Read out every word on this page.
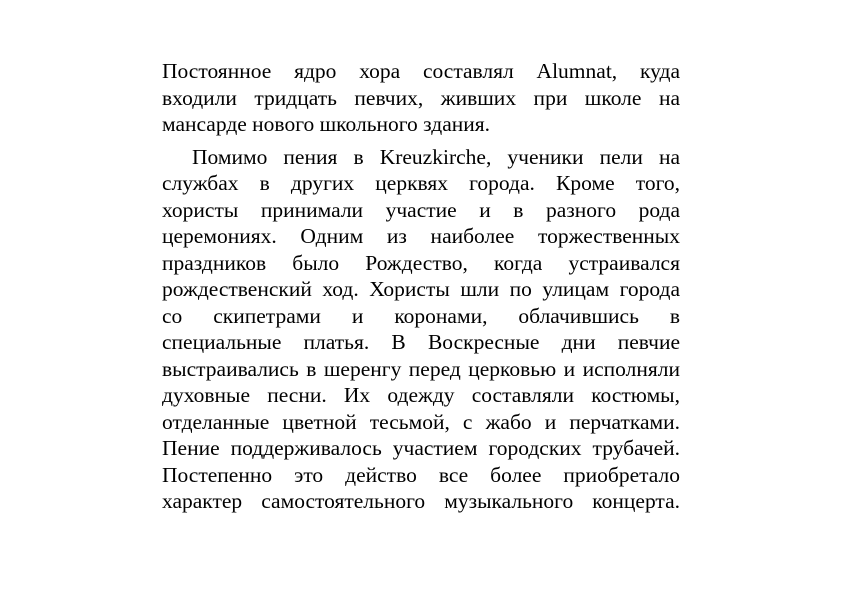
Постоянное ядро хора составлял Alumnat, куда
входили тридцать певчих, живших при школе на
мансарде нового школьного здания.
Помимо пения в Kreuzkirche, ученики пели на
службах в других церквях города. Кроме того,
хористы принимали участие и в разного рода
церемониях. Одним из наиболее торжественных
праздников было Рождество, когда устраивался
рождественский ход. Хористы шли по улицам города
со скипетрами и коронами, облачившись в
специальные платья. В Воскресные дни певчие
выстраивались в шеренгу перед церковью и исполняли
духовные песни. Их одежду составляли костюмы,
отделанные цветной тесьмой, с жабо и перчатками.
Пение поддерживалось участием городских трубачей.
Постепенно это действо все более приобретало
характер самостоятельного музыкального концерта.
